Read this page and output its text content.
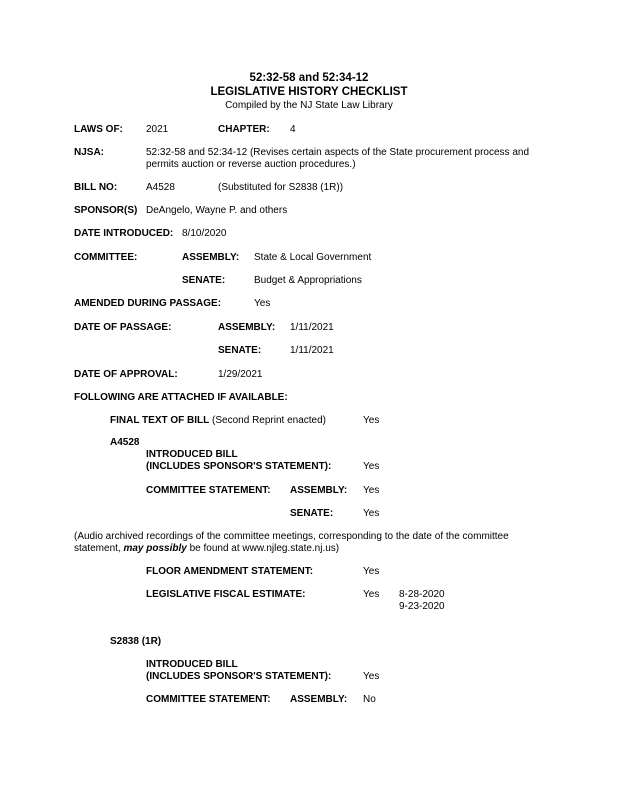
52:32-58 and 52:34-12
LEGISLATIVE HISTORY CHECKLIST
Compiled by the NJ State Law Library
LAWS OF: 2021	CHAPTER: 4
NJSA:	52:32-58 and 52:34-12 (Revises certain aspects of the State procurement process and
permits auction or reverse auction procedures.)
BILL NO:	A4528	(Substituted for S2838 (1R))
SPONSOR(S) DeAngelo, Wayne P. and others
DATE INTRODUCED: 8/10/2020
COMMITTEE:	ASSEMBLY: State & Local Government
SENATE:	Budget & Appropriations
AMENDED DURING PASSAGE:	Yes
DATE OF PASSAGE:	ASSEMBLY: 1/11/2021
SENATE:	1/11/2021
DATE OF APPROVAL:	1/29/2021
FOLLOWING ARE ATTACHED IF AVAILABLE:
FINAL TEXT OF BILL (Second Reprint enacted)	Yes
A4528
INTRODUCED BILL
(INCLUDES SPONSOR'S STATEMENT):	Yes
COMMITTEE STATEMENT: ASSEMBLY: Yes
SENATE:	Yes
(Audio archived recordings of the committee meetings, corresponding to the date of the committee
statement, may possibly be found at www.njleg.state.nj.us)
FLOOR AMENDMENT STATEMENT:	Yes
LEGISLATIVE FISCAL ESTIMATE:	Yes 8-28-2020
9-23-2020
S2838 (1R)
INTRODUCED BILL
(INCLUDES SPONSOR'S STATEMENT):	Yes
COMMITTEE STATEMENT: ASSEMBLY: No
